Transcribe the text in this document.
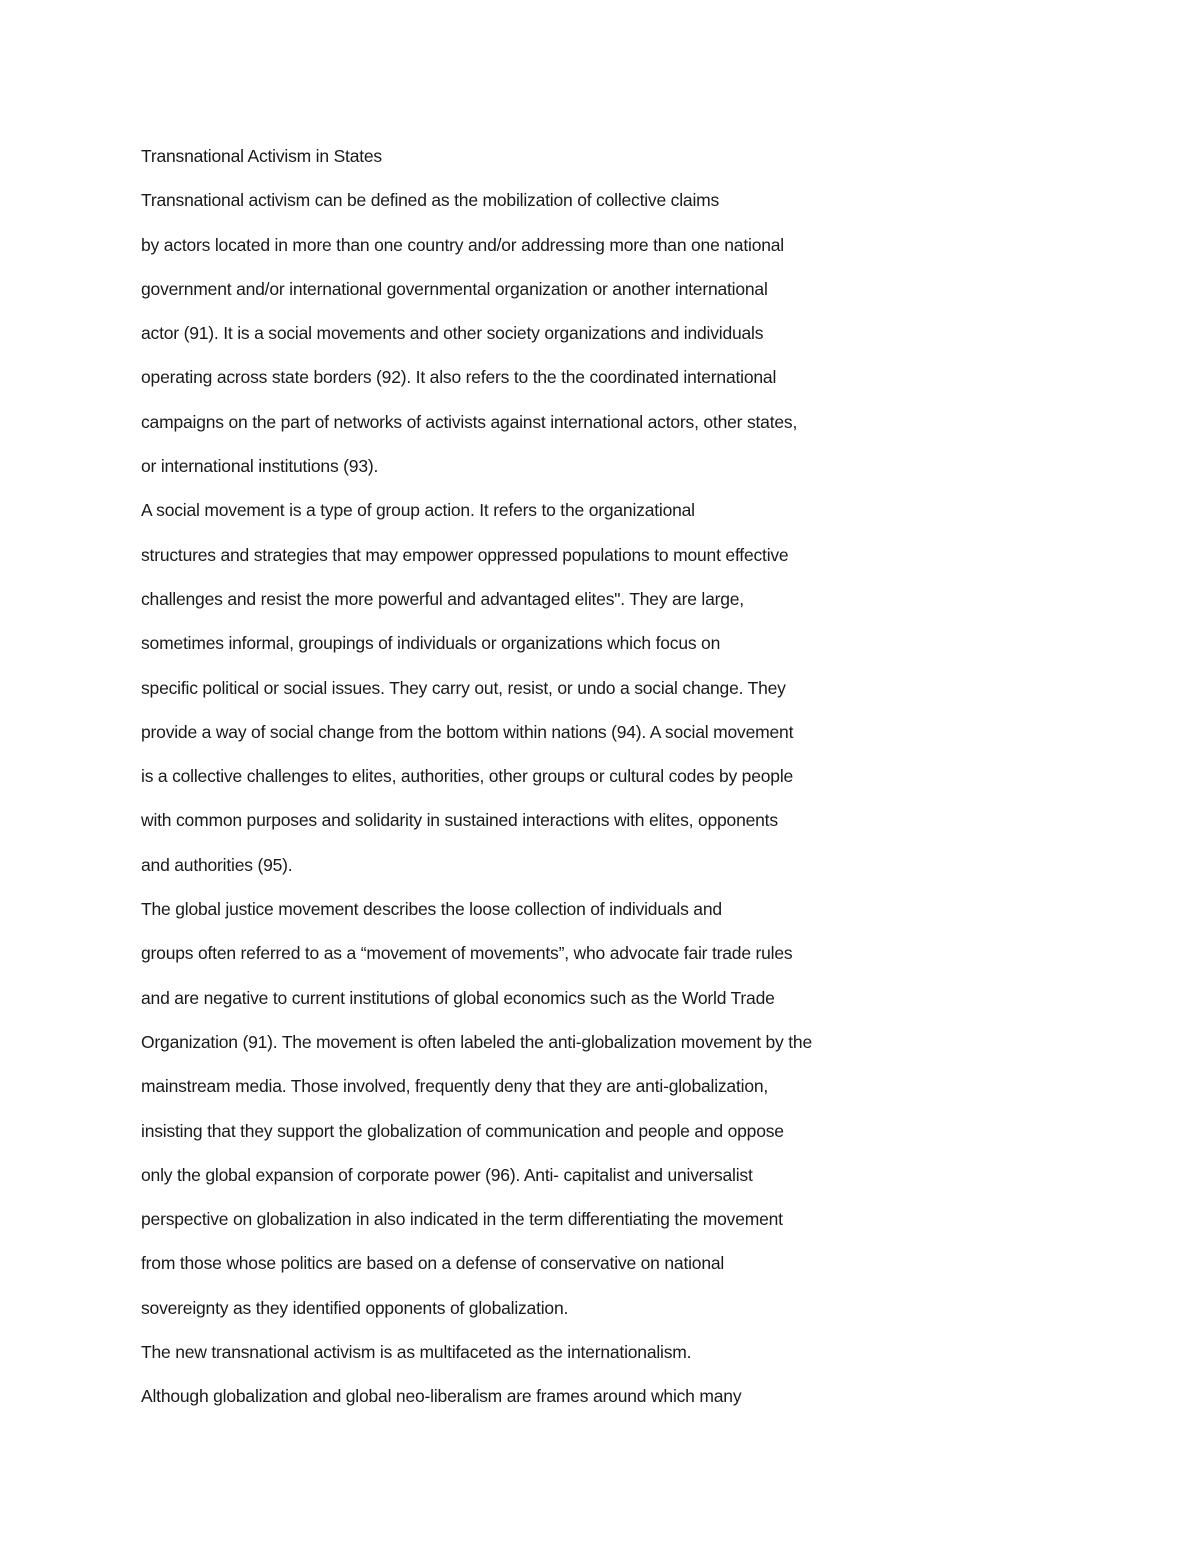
Transnational Activism in States
Transnational activism can be defined as the mobilization of collective claims
by actors located in more than one country and/or addressing more than one national
government and/or international governmental organization or another international
actor (91). It is a social movements and other society organizations and individuals
operating across state borders (92). It also refers to the the coordinated international
campaigns on the part of networks of activists against international actors, other states,
or international institutions (93).
A social movement is a type of group action. It refers to the organizational
structures and strategies that may empower oppressed populations to mount effective
challenges and resist the more powerful and advantaged elites". They are large,
sometimes informal, groupings of individuals or organizations which focus on
specific political or social issues. They carry out, resist, or undo a social change. They
provide a way of social change from the bottom within nations (94). A social movement
is a collective challenges to elites, authorities, other groups or cultural codes by people
with common purposes and solidarity in sustained interactions with elites, opponents
and authorities (95).
The global justice movement describes the loose collection of individuals and
groups often referred to as a “movement of movements”, who advocate fair trade rules
and are negative to current institutions of global economics such as the World Trade
Organization (91). The movement is often labeled the anti-globalization movement by the
mainstream media. Those involved, frequently deny that they are anti-globalization,
insisting that they support the globalization of communication and people and oppose
only the global expansion of corporate power (96). Anti- capitalist and universalist
perspective on globalization in also indicated in the term differentiating the movement
from those whose politics are based on a defense of conservative on national
sovereignty as they identified opponents of globalization.
The new transnational activism is as multifaceted as the internationalism.
Although globalization and global neo-liberalism are frames around which many
